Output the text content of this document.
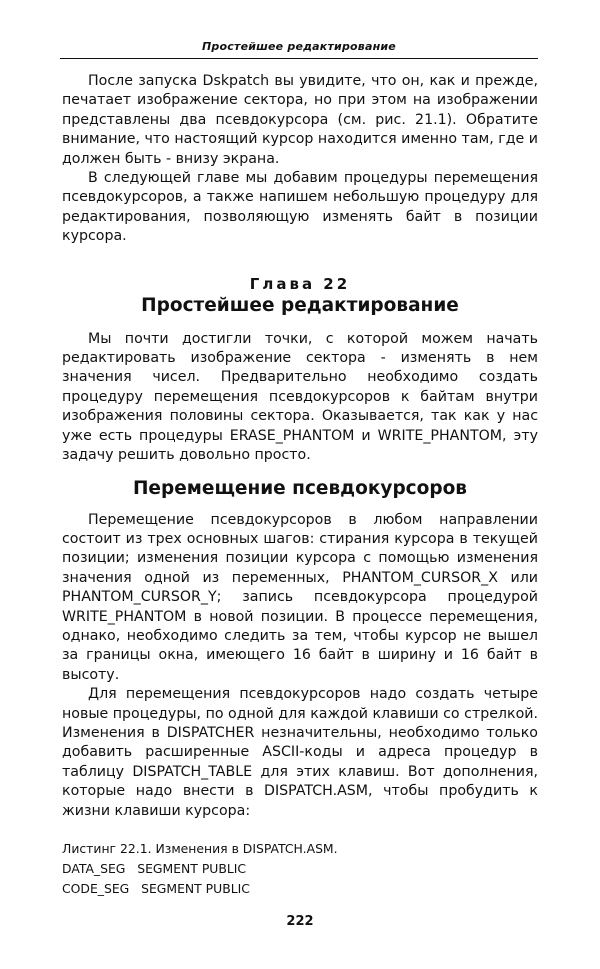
Простейшее редактирование

После запуска Dskpatch вы увидите, что он, как и прежде, печатает изображение сектора, но при этом на изображении представлены два псевдокурсора (см. рис. 21.1). Обратите внимание, что настоящий курсор находится именно там, где и должен быть - внизу экрана.

В следующей главе мы добавим процедуры перемещения псевдокурсоров, а также напишем небольшую процедуру для редактирования, позволяющую изменять байт в позиции курсора.

Глава 22
Простейшее редактирование

Мы почти достигли точки, с которой можем начать редактировать изображение сектора - изменять в нем значения чисел. Предварительно необходимо создать процедуру перемещения псевдокурсоров к байтам внутри изображения половины сектора. Оказывается, так как у нас уже есть процедуры ERASE_PHANTOM и WRITE_PHANTOM, эту задачу решить довольно просто.

Перемещение псевдокурсоров

Перемещение псевдокурсоров в любом направлении состоит из трех основных шагов: стирания курсора в текущей позиции; изменения позиции курсора с помощью изменения значения одной из переменных, PHANTOM_CURSOR_X или PHANTOM_CURSOR_Y; запись псевдокурсора процедурой WRITE_PHANTOM в новой позиции. В процессе перемещения, однако, необходимо следить за тем, чтобы курсор не вышел за границы окна, имеющего 16 байт в ширину и 16 байт в высоту.

Для перемещения псевдокурсоров надо создать четыре новые процедуры, по одной для каждой клавиши со стрелкой. Изменения в DISPATCHER незначительны, необходимо только добавить расширенные ASCII-коды и адреса процедур в таблицу DISPATCH_TABLE для этих клавиш. Вот дополнения, которые надо внести в DISPATCH.ASM, чтобы пробудить к жизни клавиши курсора:

Листинг 22.1. Изменения в DISPATCH.ASM.
DATA_SEG   SEGMENT PUBLIC
CODE_SEG   SEGMENT PUBLIC
222
